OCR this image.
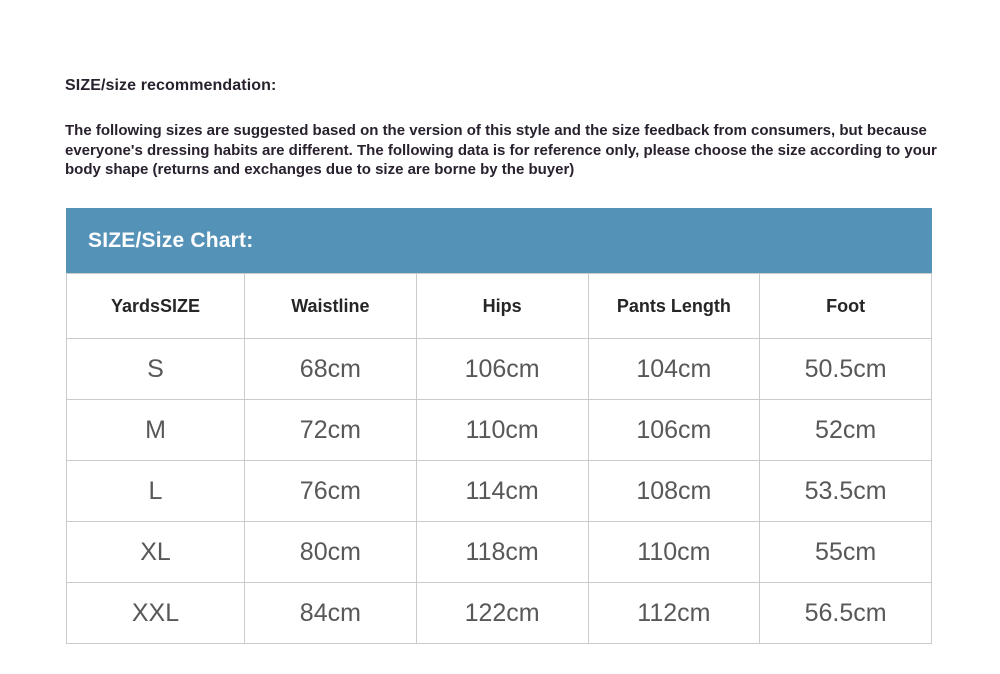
SIZE/size recommendation:
The following sizes are suggested based on the version of this style and the size feedback from consumers, but because everyone's dressing habits are different. The following data is for reference only, please choose the size according to your body shape (returns and exchanges due to size are borne by the buyer)
SIZE/Size Chart:
YardsSIZE	Waistline	Hips	Pants Length	Foot
S	68cm	106cm	104cm	50.5cm
M	72cm	110cm	106cm	52cm
L	76cm	114cm	108cm	53.5cm
XL	80cm	118cm	110cm	55cm
XXL	84cm	122cm	112cm	56.5cm
